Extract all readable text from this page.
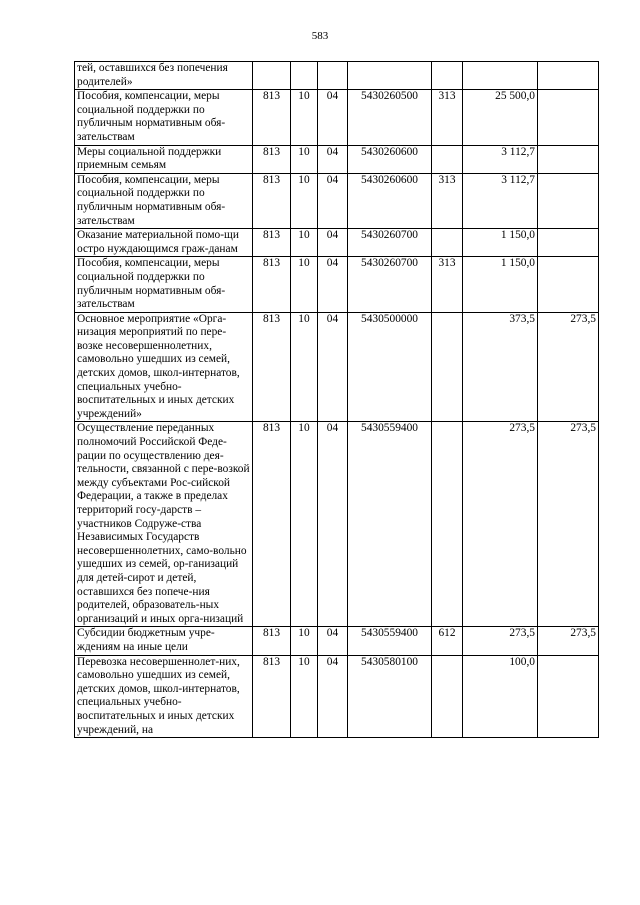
583
тей, оставшихся без попечения родителей»							
Пособия, компенсации, меры социальной поддержки по публичным нормативным обя-зательствам	813	10	04	5430260500	313	25 500,0	
Меры социальной поддержки приемным семьям	813	10	04	5430260600		3 112,7	
Пособия, компенсации, меры социальной поддержки по публичным нормативным обя-зательствам	813	10	04	5430260600	313	3 112,7	
Оказание материальной помо-щи остро нуждающимся граж-данам	813	10	04	5430260700		1 150,0	
Пособия, компенсации, меры социальной поддержки по публичным нормативным обя-зательствам	813	10	04	5430260700	313	1 150,0	
Основное мероприятие «Орга-низация мероприятий по пере-возке несовершеннолетних, самовольно ушедших из семей, детских домов, школ-интернатов, специальных учебно-воспитательных и иных детских учреждений»	813	10	04	5430500000		373,5	273,5
Осуществление переданных полномочий Российской Феде-рации по осуществлению дея-тельности, связанной с пере-возкой между субъектами Рос-сийской Федерации, а также в пределах территорий госу-дарств – участников Содруже-ства Независимых Государств несовершеннолетних, само-вольно ушедших из семей, ор-ганизаций для детей-сирот и детей, оставшихся без попече-ния родителей, образователь-ных организаций и иных орга-низаций	813	10	04	5430559400		273,5	273,5
Субсидии бюджетным учре-ждениям на иные цели	813	10	04	5430559400	612	273,5	273,5
Перевозка несовершеннолет-них, самовольно ушедших из семей, детских домов, школ-интернатов, специальных учебно-воспитательных и иных детских учреждений, на	813	10	04	5430580100		100,0	
